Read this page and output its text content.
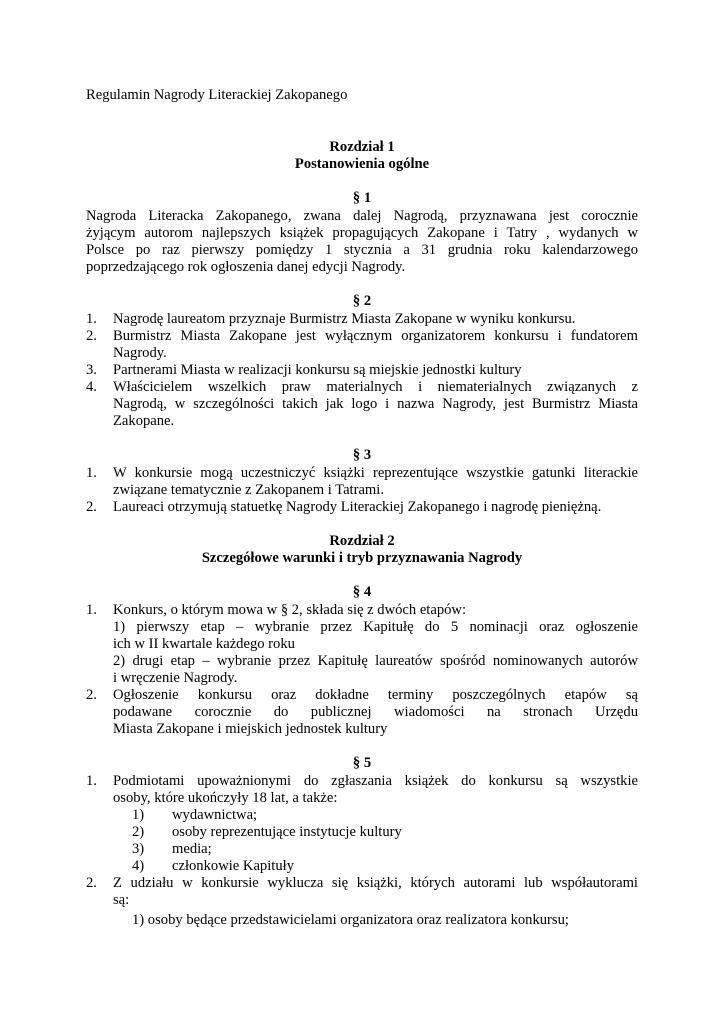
Regulamin Nagrody Literackiej Zakopanego
Rozdział 1
Postanowienia ogólne
§ 1
Nagroda Literacka Zakopanego, zwana dalej Nagrodą, przyznawana jest corocznie
żyjącym autorom najlepszych książek propagujących Zakopane i Tatry , wydanych w
Polsce po raz pierwszy pomiędzy 1 stycznia a 31 grudnia roku kalendarzowego
poprzedzającego rok ogłoszenia danej edycji Nagrody.
§ 2
1. Nagrodę laureatom przyznaje Burmistrz Miasta Zakopane w wyniku konkursu.
2. Burmistrz Miasta Zakopane jest wyłącznym organizatorem konkursu i fundatorem
Nagrody.
3. Partnerami Miasta w realizacji konkursu są miejskie jednostki kultury
4. Właścicielem wszelkich praw materialnych i niematerialnych związanych z
Nagrodą, w szczególności takich jak logo i nazwa Nagrody, jest Burmistrz Miasta
Zakopane.
§ 3
1. W konkursie mogą uczestniczyć książki reprezentujące wszystkie gatunki literackie
związane tematycznie z Zakopanem i Tatrami.
2. Laureaci otrzymują statuetkę Nagrody Literackiej Zakopanego i nagrodę pieniężną.
Rozdział 2
Szczegółowe warunki i tryb przyznawania Nagrody
§ 4
1. Konkurs, o którym mowa w § 2, składa się z dwóch etapów:
1) pierwszy etap – wybranie przez Kapitułę do 5 nominacji oraz ogłoszenie
ich w II kwartale każdego roku
2) drugi etap – wybranie przez Kapitułę laureatów spośród nominowanych autorów
i wręczenie Nagrody.
2. Ogłoszenie konkursu oraz dokładne terminy poszczególnych etapów są
podawane corocznie do publicznej wiadomości na stronach Urzędu
Miasta Zakopane i miejskich jednostek kultury
§ 5
1. Podmiotami upoważnionymi do zgłaszania książek do konkursu są wszystkie
osoby, które ukończyły 18 lat, a także:
1) wydawnictwa;
2) osoby reprezentujące instytucje kultury
3) media;
4) członkowie Kapituły
2. Z udziału w konkursie wyklucza się książki, których autorami lub współautorami
są:
1) osoby będące przedstawicielami organizatora oraz realizatora konkursu;
